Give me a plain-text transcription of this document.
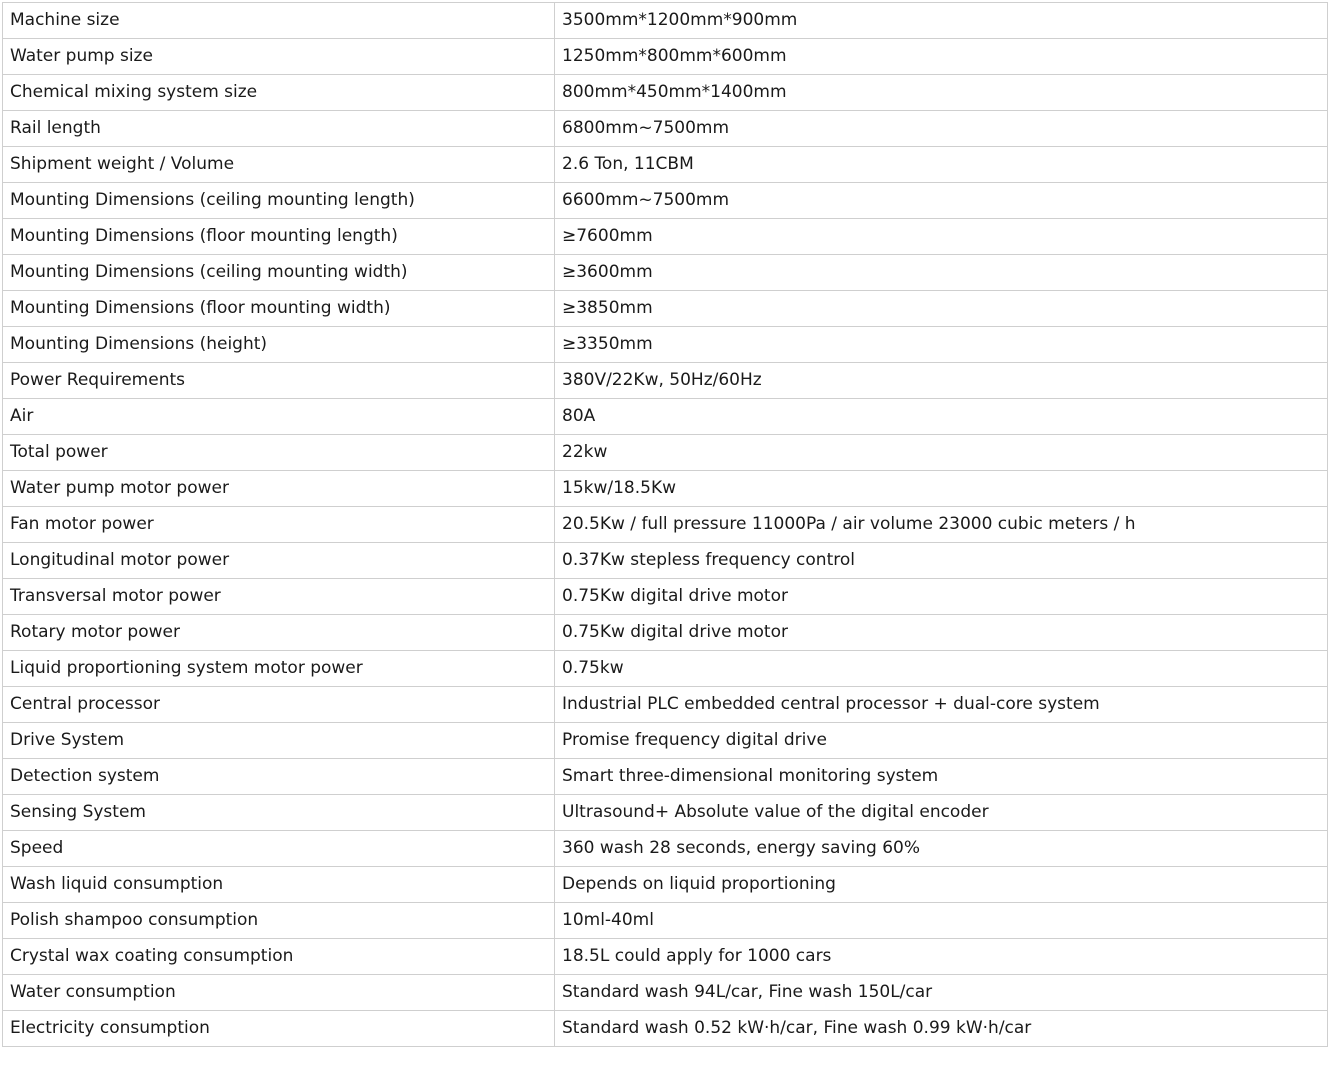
Machine size	3500mm*1200mm*900mm
Water pump size	1250mm*800mm*600mm
Chemical mixing system size	800mm*450mm*1400mm
Rail length	6800mm~7500mm
Shipment weight / Volume	2.6 Ton, 11CBM
Mounting Dimensions (ceiling mounting length)	6600mm~7500mm
Mounting Dimensions (floor mounting length)	≥7600mm
Mounting Dimensions (ceiling mounting width)	≥3600mm
Mounting Dimensions (floor mounting width)	≥3850mm
Mounting Dimensions (height)	≥3350mm
Power Requirements	380V/22Kw, 50Hz/60Hz
Air	80A
Total power	22kw
Water pump motor power	15kw/18.5Kw
Fan motor power	20.5Kw / full pressure 11000Pa / air volume 23000 cubic meters / h
Longitudinal motor power	0.37Kw stepless frequency control
Transversal motor power	0.75Kw digital drive motor
Rotary motor power	0.75Kw digital drive motor
Liquid proportioning system motor power	0.75kw
Central processor	Industrial PLC embedded central processor + dual-core system
Drive System	Promise frequency digital drive
Detection system	Smart three-dimensional monitoring system
Sensing System	Ultrasound+ Absolute value of the digital encoder
Speed	360 wash 28 seconds, energy saving 60%
Wash liquid consumption	Depends on liquid proportioning
Polish shampoo consumption	10ml-40ml
Crystal wax coating consumption	18.5L could apply for 1000 cars
Water consumption	Standard wash 94L/car, Fine wash 150L/car
Electricity consumption	Standard wash 0.52 kW·h/car, Fine wash 0.99 kW·h/car
